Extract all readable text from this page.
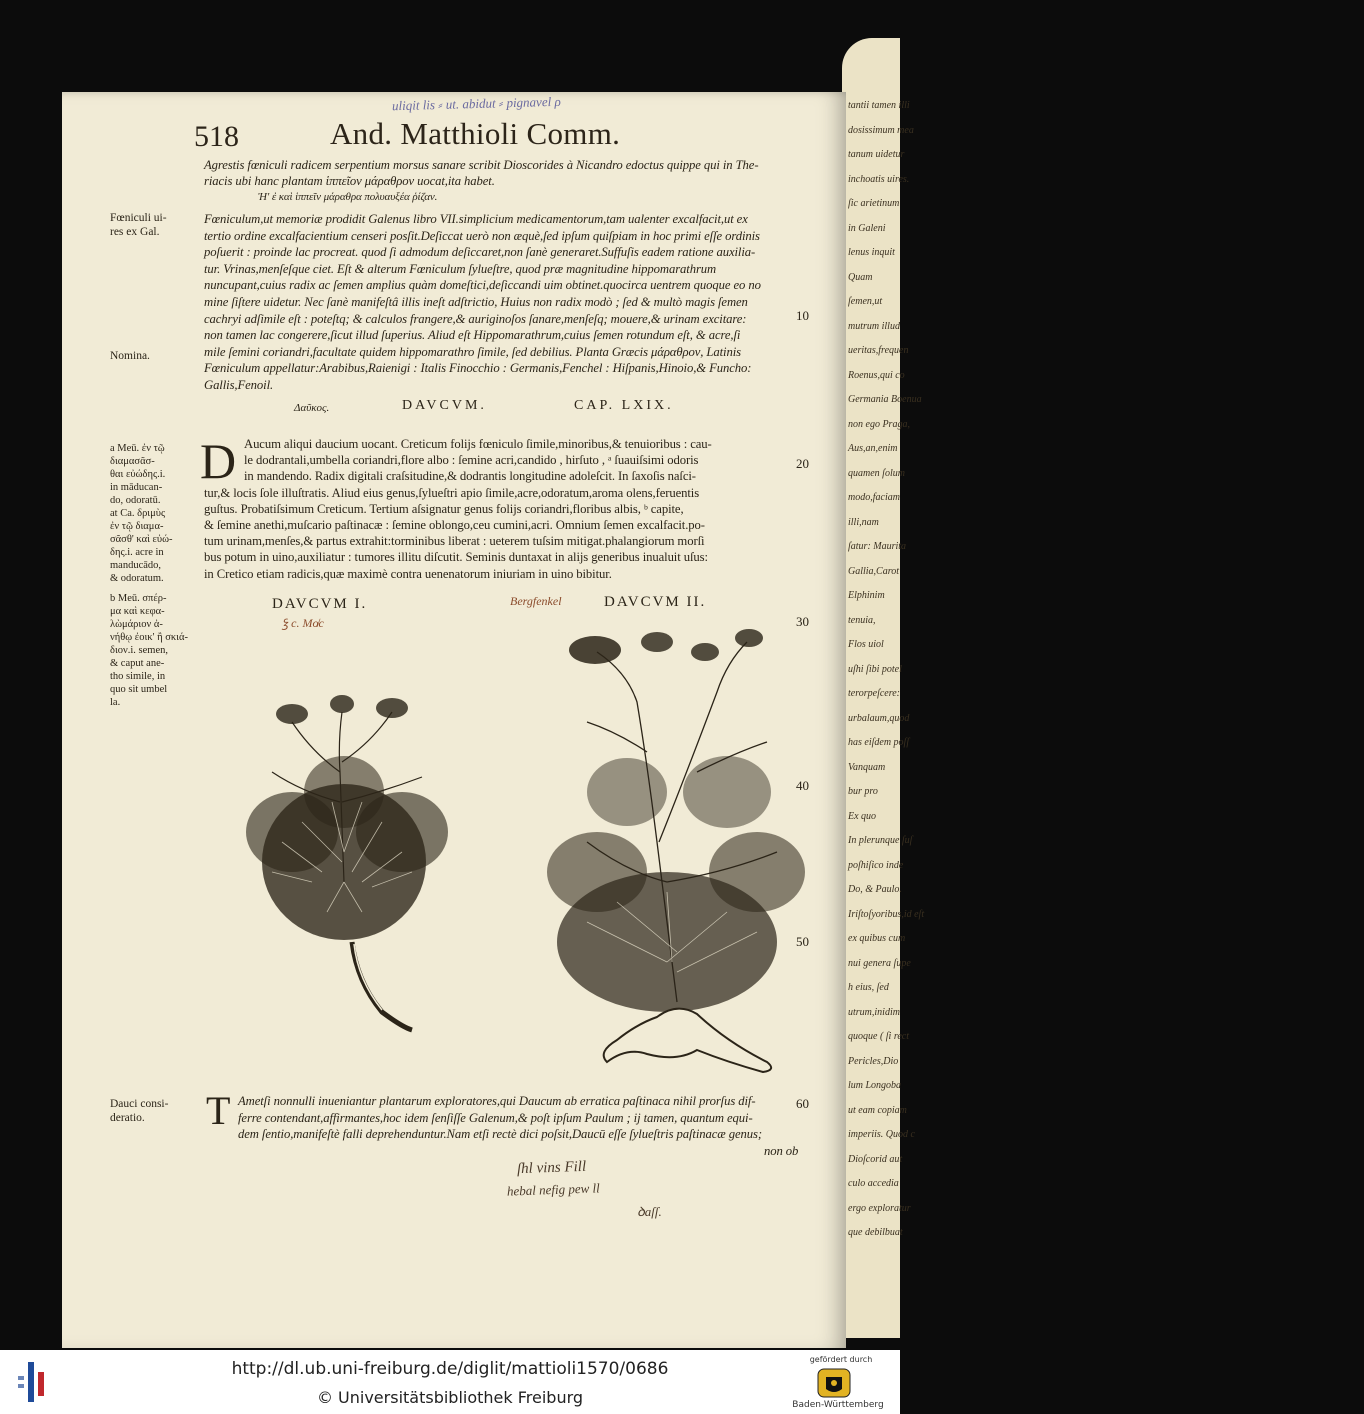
tantii tamen illi
dosissimum mea
tanum uidetur
inchoatis uires.
ſic arietinum
in Galeni
lenus inquit
Quam
ſemen,ut
mutrum illud
ueritas,frequen
Roenus,qui co
Germania Boenua
non ego Praga,
Aus,an,enim
quamen ſolum
modo,faciam
illi,nam
ſatur: Maurita
Gallia,Carot
Elphinim
tenuia,
Flos uiol
uſhi ſibi potel
terorpeſcere:
urbalaum,quod
has eiſdem poſſ
Vanquam
bur pro
Ex quo
In plerunque ſuſ
poſhiſico inde
Do, & Paulo.
Iriſtoſyoribus,id eſt
ex quibus cum
nui genera ſupe
h eius, ſed
utrum,inidim
quoque ( ſi rect
Pericles,Dio
lum Longoba
ut eam copiam
imperiis. Quod c
Dioſcorid aut
culo accedia
ergo exploratur
que debilbuat
uliqit lis ⸗ ut. abidut ⸗ pignavel ρ
518	And. Matthioli Comm.
Agrestis fœniculi radicem serpentium morsus sanare scribit Dioscorides à Nicandro edoctus quippe qui in The-
riacis ubi hanc plantam ἱππεῖον μάραθρον uocat,ita habet.
Ἠ' ἐ καὶ ἱππεῖν μάραθρα πολυαυξέα ῥίζαν.
Fœniculi ui-
res ex Gal.
Nomina.
Fœniculum,ut memoriæ prodidit Galenus libro VII.simplicium medicamentorum,tam ualenter excalfacit,ut ex
tertio ordine excalfacientium censeri posſit.Deſiccat uerò non æquè,ſed ipſum quiſpiam in hoc primi eſſe ordinis
poſuerit : proinde lac procreat. quod ſi admodum deſiccaret,non ſanè generaret.Suffuſis eadem ratione auxilia-
tur. Vrinas,menſeſque ciet. Eſt & alterum Fœniculum ſylueſtre, quod præ magnitudine hippomarathrum
nuncupant,cuius radix ac ſemen amplius quàm domeſtici,deſiccandi uim obtinet.quocirca uentrem quoque eo no
mine ſiſtere uidetur. Nec ſanè manifeſtâ illis ineſt adſtrictio, Huius non radix modò ; ſed & multò magis ſemen
cachryi adſimile eſt : poteſtq; & calculos frangere,& auriginoſos ſanare,menſeſq; mouere,& urinam excitare:
non tamen lac congerere,ſicut illud ſuperius. Aliud eſt Hippomarathrum,cuius ſemen rotundum eſt, & acre,ſi
mile ſemini coriandri,facultate quidem hippomarathro ſimile, ſed debilius. Planta Græcis μάραθρον, Latinis
Fœniculum appellatur:Arabibus,Raienigi : Italis Finocchio : Germanis,Fenchel : Hiſpanis,Hinoio,& Funcho:
Gallis,Fenoil.
10
Δαῦκος.	DAVCVM.	CAP. LXIX.
D Aucum aliqui daucium uocant. Creticum folijs fœniculo ſimile,minoribus,& tenuioribus : cau-
le dodrantali,umbella coriandri,flore albo : ſemine acri,candido , hirſuto , ᵃ ſuauiſsimi odoris
in mandendo. Radix digitali craſsitudine,& dodrantis longitudine adoleſcit. In ſaxoſis naſci-
tur,& locis ſole illuſtratis. Aliud eius genus,ſylueſtri apio ſimile,acre,odoratum,aroma olens,feruentis
guſtus. Probatiſsimum Creticum. Tertium aſsignatur genus folijs coriandri,floribus albis, ᵇ capite,
& ſemine anethi,muſcario paſtinacæ : ſemine oblongo,ceu cumini,acri. Omnium ſemen excalfacit.po-
tum urinam,menſes,& partus extrahit:torminibus liberat : ueterem tuſsim mitigat.phalangiorum morſi
bus potum in uino,auxiliatur : tumores illitu diſcutit. Seminis duntaxat in alijs generibus inualuit uſus:
in Cretico etiam radicis,quæ maximè contra uenenatorum iniuriam in uino bibitur.
20
a Meū. ἐν τῷ
διαμασᾶσ-
θαι εὐώδης.i.
in māducan-
do, odoratū.
at Ca. δριμὺς
ἐν τῷ διαμα-
σᾶσθ' καὶ εὐώ-
δης.i. acre in
manducādo,
& odoratum.
b Meū. σπέρ-
μα καὶ κεφα-
λὼμάριον ἀ-
νήθῳ ἐοικ' ἢ σκιά-
διον.i. semen,
& caput ane-
tho simile, in
quo sit umbel
la.
DAVCVM I.
ꝣ c. Mo̸c
Bergfenkel	DAVCVM II.
30
40
50
Dauci consi-
deratio.	T Ametſi nonnulli inueniantur plantarum exploratores,qui Daucum ab erratica paſtinaca nihil prorſus dif-
ferre contendant,affirmantes,hoc idem ſenſiſſe Galenum,& poſt ipſum Paulum ; ij tamen, quantum equi-
dem ſentio,manifeſtè falli deprehenduntur.Nam etſi rectè dici poſsit,Daucū eſſe ſylueſtris paſtinacæ genus;
non ob
60
ſhl vins Fill
hebal nefig pew ll
ꝺaſſ.
http://dl.ub.uni-freiburg.de/diglit/mattioli1570/0686
© Universitätsbibliothek Freiburg
gefördert durch
Baden-Württemberg
